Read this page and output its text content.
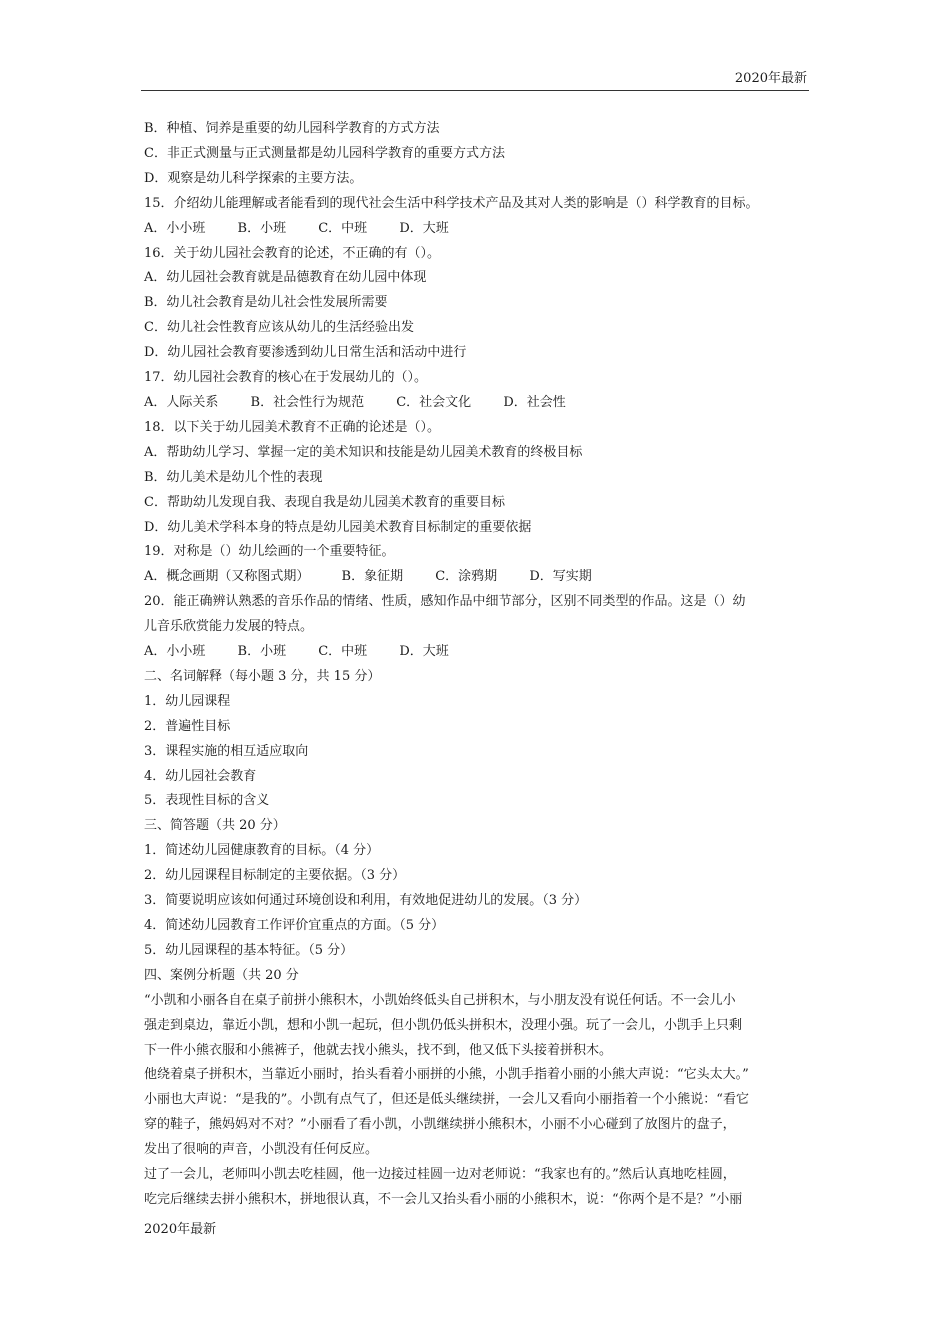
2020年最新
B．种植、饲养是重要的幼儿园科学教育的方式方法
C．非正式测量与正式测量都是幼儿园科学教育的重要方式方法
D．观察是幼儿科学探索的主要方法。
15．介绍幼儿能理解或者能看到的现代社会生活中科学技术产品及其对人类的影响是（）科学教育的目标。
A．小小班 B．小班 C．中班 D．大班
16．关于幼儿园社会教育的论述，不正确的有（）。
A．幼儿园社会教育就是品德教育在幼儿园中体现
B．幼儿社会教育是幼儿社会性发展所需要
C．幼儿社会性教育应该从幼儿的生活经验出发
D．幼儿园社会教育要渗透到幼儿日常生活和活动中进行
17．幼儿园社会教育的核心在于发展幼儿的（）。
A．人际关系 B．社会性行为规范 C．社会文化 D．社会性
18．以下关于幼儿园美术教育不正确的论述是（）。
A．帮助幼儿学习、掌握一定的美术知识和技能是幼儿园美术教育的终极目标
B．幼儿美术是幼儿个性的表现
C．帮助幼儿发现自我、表现自我是幼儿园美术教育的重要目标
D．幼儿美术学科本身的特点是幼儿园美术教育目标制定的重要依据
19．对称是（）幼儿绘画的一个重要特征。
A．概念画期（又称图式期） B．象征期 C．涂鸦期 D．写实期
20．能正确辨认熟悉的音乐作品的情绪、性质，感知作品中细节部分，区别不同类型的作品。这是（）幼
儿音乐欣赏能力发展的特点。
A．小小班 B．小班 C．中班 D．大班
二、名词解释（每小题 3 分，共 15 分）
1．幼儿园课程
2．普遍性目标
3．课程实施的相互适应取向
4．幼儿园社会教育
5．表现性目标的含义
三、简答题（共 20 分）
1．简述幼儿园健康教育的目标。（4 分）
2．幼儿园课程目标制定的主要依据。（3 分）
3．简要说明应该如何通过环境创设和利用，有效地促进幼儿的发展。（3 分）
4．简述幼儿园教育工作评价宜重点的方面。（5 分）
5．幼儿园课程的基本特征。（5 分）
四、案例分析题（共 20 分
“小凯和小丽各自在桌子前拼小熊积木，小凯始终低头自己拼积木，与小朋友没有说任何话。不一会儿小
强走到桌边，靠近小凯，想和小凯一起玩，但小凯仍低头拼积木，没理小强。玩了一会儿，小凯手上只剩
下一件小熊衣服和小熊裤子，他就去找小熊头，找不到，他又低下头接着拼积木。
他绕着桌子拼积木，当靠近小丽时，抬头看着小丽拼的小熊，小凯手指着小丽的小熊大声说：“它头太大。”
小丽也大声说：“是我的”。小凯有点气了，但还是低头继续拼，一会儿又看向小丽指着一个小熊说：“看它
穿的鞋子，熊妈妈对不对？”小丽看了看小凯，小凯继续拼小熊积木，小丽不小心碰到了放图片的盘子，
发出了很响的声音，小凯没有任何反应。
过了一会儿，老师叫小凯去吃桂圆，他一边接过桂圆一边对老师说：“我家也有的。”然后认真地吃桂圆，
吃完后继续去拼小熊积木，拼地很认真，不一会儿又抬头看小丽的小熊积木，说：“你两个是不是？”小丽
2020年最新
